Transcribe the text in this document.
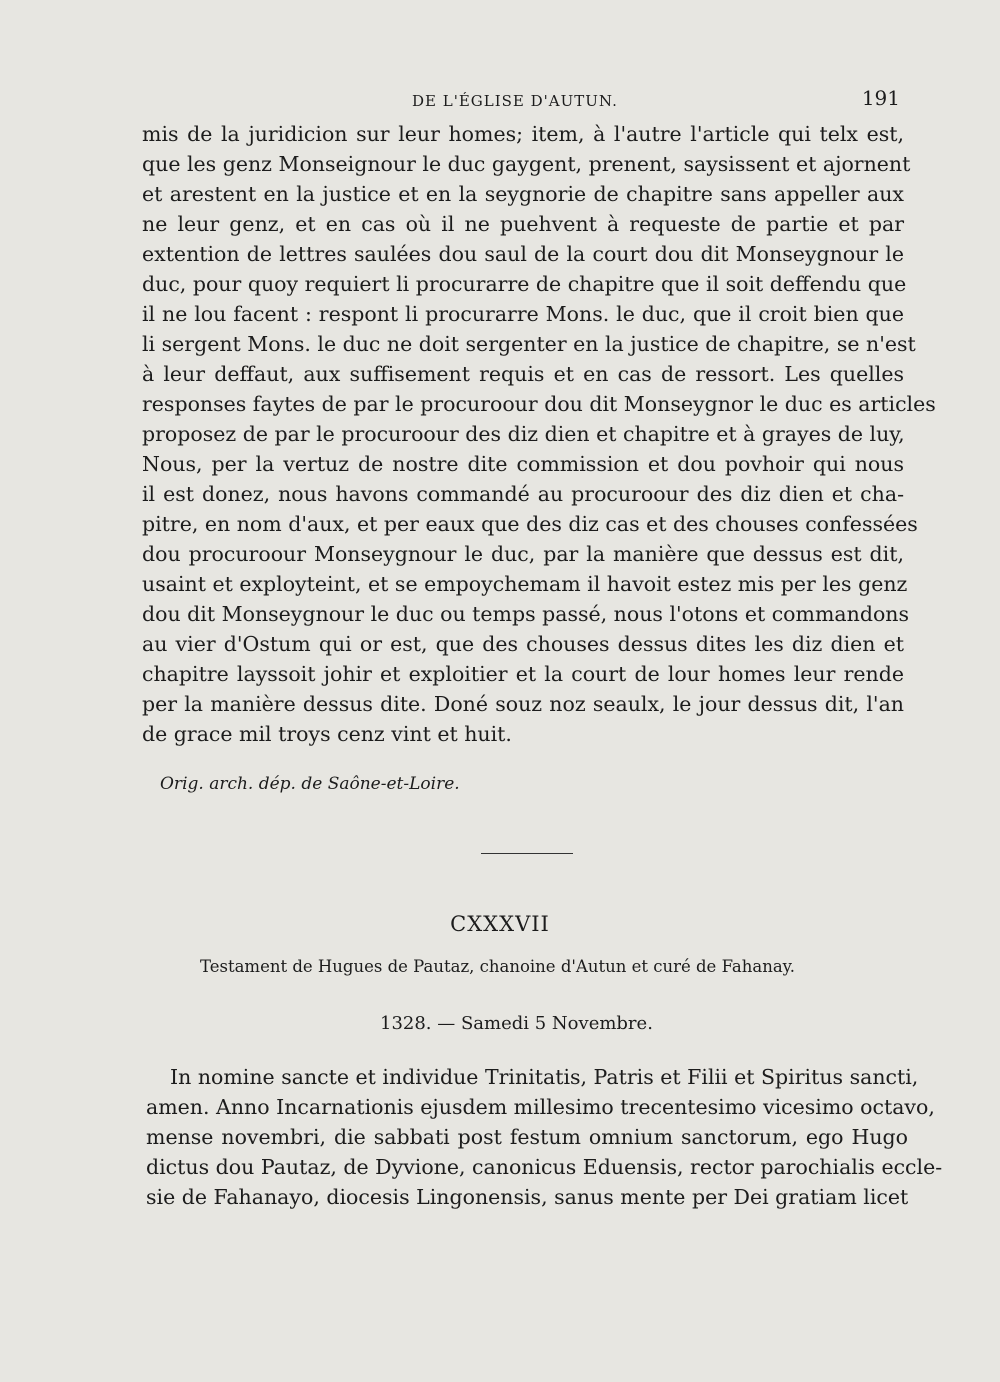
DE L'ÉGLISE D'AUTUN.	191
mis de la juridicion sur leur homes; item, à l'autre l'article qui telx est,
que les genz Monseignour le duc gaygent, prenent, saysissent et ajornent
et arestent en la justice et en la seygnorie de chapitre sans appeller aux
ne leur genz, et en cas où il ne puehvent à requeste de partie et par
extention de lettres saulées dou saul de la court dou dit Monseygnour le
duc, pour quoy requiert li procurarre de chapitre que il soit deffendu que
il ne lou facent : respont li procurarre Mons. le duc, que il croit bien que
li sergent Mons. le duc ne doit sergenter en la justice de chapitre, se n'est
à leur deffaut, aux suffisement requis et en cas de ressort. Les quelles
responses faytes de par le procuroour dou dit Monseygnor le duc es articles
proposez de par le procuroour des diz dien et chapitre et à grayes de luy,
Nous, per la vertuz de nostre dite commission et dou povhoir qui nous
il est donez, nous havons commandé au procuroour des diz dien et cha-
pitre, en nom d'aux, et per eaux que des diz cas et des chouses confessées
dou procuroour Monseygnour le duc, par la manière que dessus est dit,
usaint et exployteint, et se empoychemam il havoit estez mis per les genz
dou dit Monseygnour le duc ou temps passé, nous l'otons et commandons
au vier d'Ostum qui or est, que des chouses dessus dites les diz dien et
chapitre layssoit johir et exploitier et la court de lour homes leur rende
per la manière dessus dite. Doné souz noz seaulx, le jour dessus dit, l'an
de grace mil troys cenz vint et huit.
Orig. arch. dép. de Saône-et-Loire.
CXXXVII
Testament de Hugues de Pautaz, chanoine d'Autun et curé de Fahanay.
1328. — Samedi 5 Novembre.
In nomine sancte et individue Trinitatis, Patris et Filii et Spiritus sancti,
amen. Anno Incarnationis ejusdem millesimo trecentesimo vicesimo octavo,
mense novembri, die sabbati post festum omnium sanctorum, ego Hugo
dictus dou Pautaz, de Dyvione, canonicus Eduensis, rector parochialis eccle-
sie de Fahanayo, diocesis Lingonensis, sanus mente per Dei gratiam licet
